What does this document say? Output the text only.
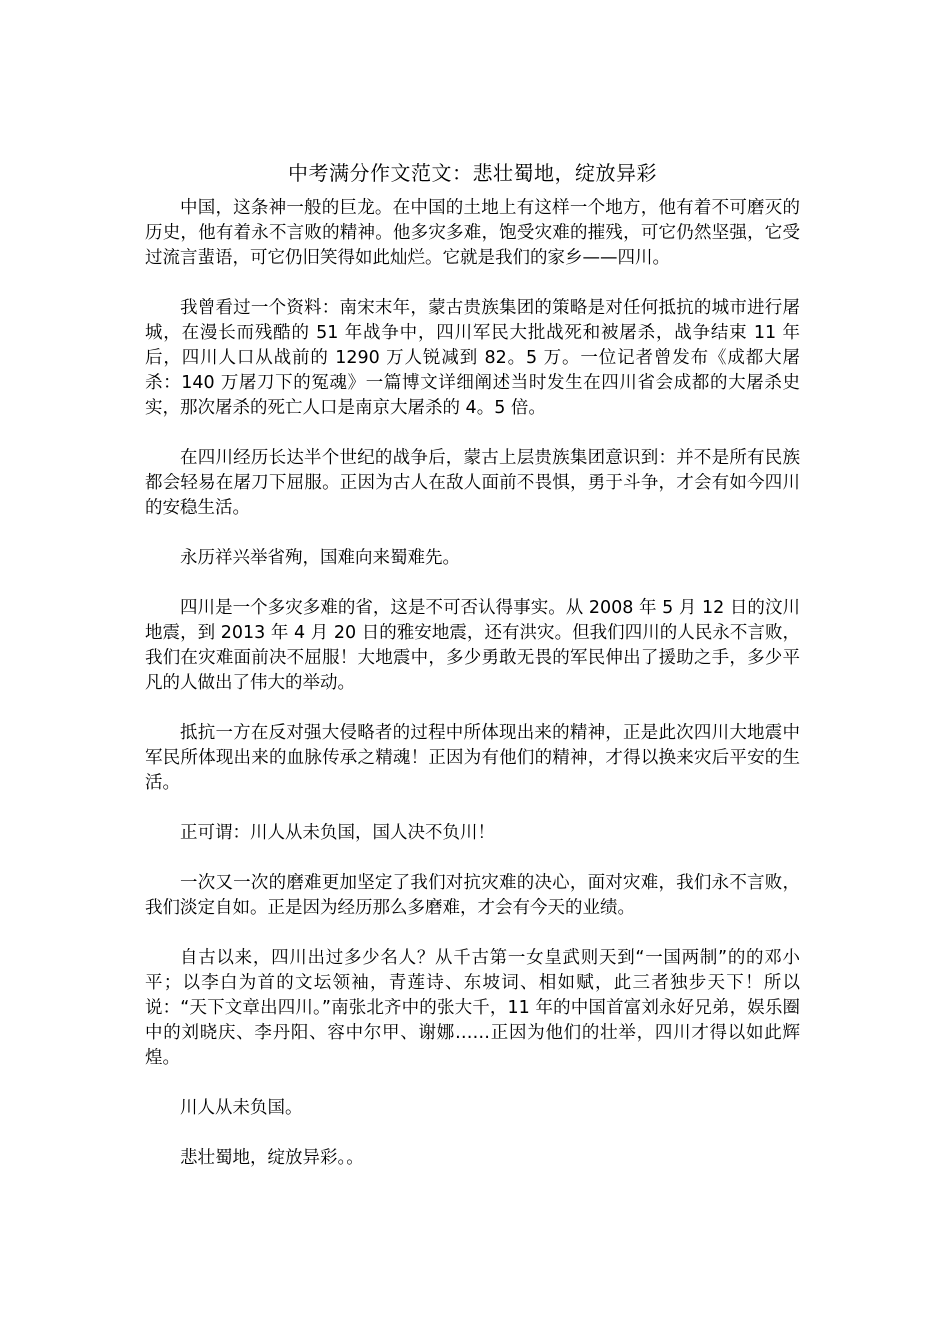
中考满分作文范文：悲壮蜀地，绽放异彩

中国，这条神一般的巨龙。在中国的土地上有这样一个地方，他有着不可磨灭的历史，他有着永不言败的精神。他多灾多难，饱受灾难的摧残，可它仍然坚强，它受过流言蜚语，可它仍旧笑得如此灿烂。它就是我们的家乡——四川。

我曾看过一个资料：南宋末年，蒙古贵族集团的策略是对任何抵抗的城市进行屠城，在漫长而残酷的 51 年战争中，四川军民大批战死和被屠杀，战争结束 11 年后，四川人口从战前的 1290 万人锐减到 82。5 万。一位记者曾发布《成都大屠杀：140 万屠刀下的冤魂》一篇博文详细阐述当时发生在四川省会成都的大屠杀史实，那次屠杀的死亡人口是南京大屠杀的 4。5 倍。

在四川经历长达半个世纪的战争后，蒙古上层贵族集团意识到：并不是所有民族都会轻易在屠刀下屈服。正因为古人在敌人面前不畏惧，勇于斗争，才会有如今四川的安稳生活。

永历祥兴举省殉，国难向来蜀难先。

四川是一个多灾多难的省，这是不可否认得事实。从 2008 年 5 月 12 日的汶川地震，到 2013 年 4 月 20 日的雅安地震，还有洪灾。但我们四川的人民永不言败，我们在灾难面前决不屈服！大地震中，多少勇敢无畏的军民伸出了援助之手，多少平凡的人做出了伟大的举动。

抵抗一方在反对强大侵略者的过程中所体现出来的精神，正是此次四川大地震中军民所体现出来的血脉传承之精魂！正因为有他们的精神，才得以换来灾后平安的生活。

正可谓：川人从未负国，国人决不负川！

一次又一次的磨难更加坚定了我们对抗灾难的决心，面对灾难，我们永不言败，我们淡定自如。正是因为经历那么多磨难，才会有今天的业绩。

自古以来，四川出过多少名人？从千古第一女皇武则天到“一国两制”的的邓小平；以李白为首的文坛领袖，青莲诗、东坡词、相如赋，此三者独步天下！所以说：“天下文章出四川。”南张北齐中的张大千，11 年的中国首富刘永好兄弟，娱乐圈中的刘晓庆、李丹阳、容中尔甲、谢娜……正因为他们的壮举，四川才得以如此辉煌。

川人从未负国。

悲壮蜀地，绽放异彩。。
